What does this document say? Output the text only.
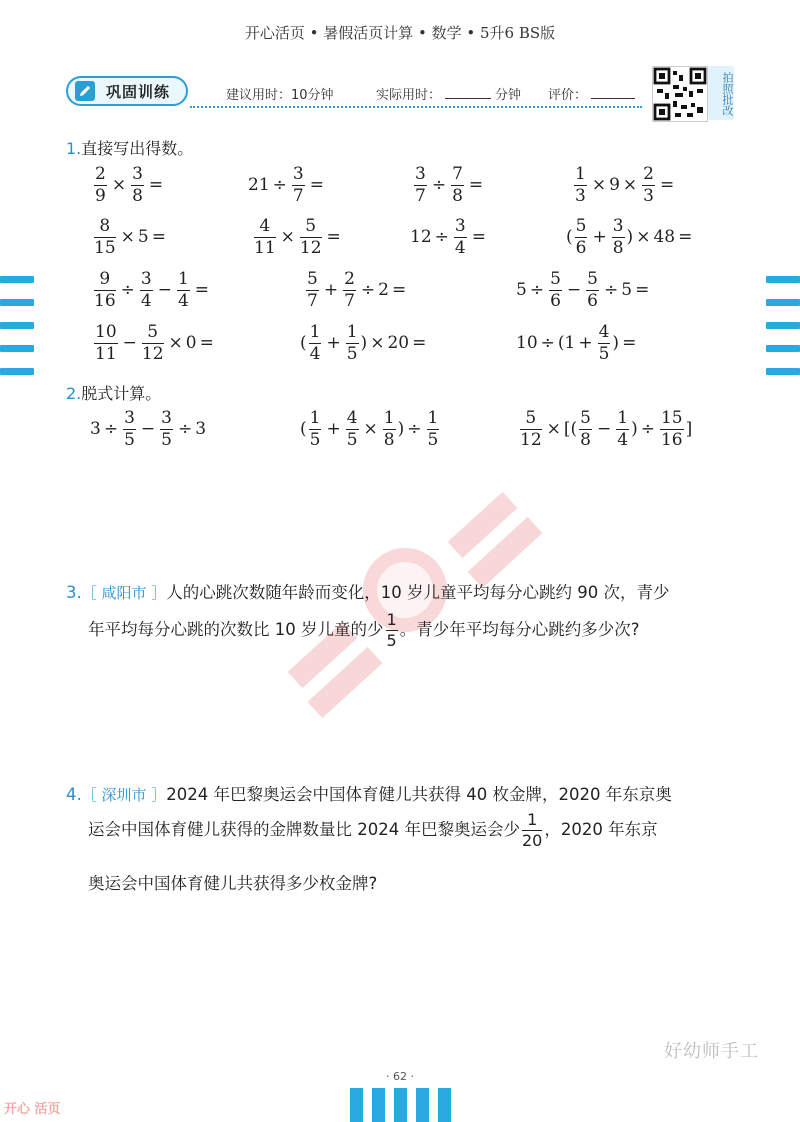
开心活页 • 暑假活页计算 • 数学 • 5升6 BS版
巩固训练	建议用时：10分钟	实际用时：	分钟 评价：	拍照批改
1.直接写出得数。
$\frac{2}{9} \times \frac{3}{8}$ =	$21 \div \frac{3}{7}$ =	$\frac{3}{7} \div \frac{7}{8}$ =	$\frac{1}{3} \times 9 \times \frac{2}{3}$ =
$\frac{8}{15} \times 5$ =	$\frac{4}{11} \times \frac{5}{12}$ =	$12 \div \frac{3}{4}$ =	( $\frac{5}{6} + \frac{3}{8}$ ) × 48 =
$\frac{9}{16} \div \frac{3}{4} - \frac{1}{4}$ =	$\frac{5}{7} + \frac{2}{7} \div 2$ =	$5 \div \frac{5}{6} - \frac{5}{6} \div 5$ =
$\frac{10}{11} - \frac{5}{12} \times 0$ =	( $\frac{1}{4} + \frac{1}{5}$ ) × 20 =	$10 \div (1 + \frac{4}{5}$ ) =
2.脱式计算。
$3 \div \frac{3}{5} - \frac{3}{5} \div 3$	( $\frac{1}{5} + \frac{4}{5} \times \frac{1}{8}$ ) ÷ $\frac{1}{5}$	$\frac{5}{12}$ × [( $\frac{5}{8} - \frac{1}{4}$ ) ÷ $\frac{15}{16}$ ]
3.［ 咸阳市 ］人的心跳次数随年龄而变化，10 岁儿童平均每分心跳约 90 次，青少
年平均每分心跳的次数比 10 岁儿童的少 $\frac{1}{5}$ 。青少年平均每分心跳约多少次?
4.［ 深圳市 ］2024 年巴黎奥运会中国体育健儿共获得 40 枚金牌，2020 年东京奥
运会中国体育健儿获得的金牌数量比 2024 年巴黎奥运会少 $\frac{1}{20}$ ，2020 年东京
奥运会中国体育健儿共获得多少枚金牌?
好幼师手工
· 62 ·
开心 活页
